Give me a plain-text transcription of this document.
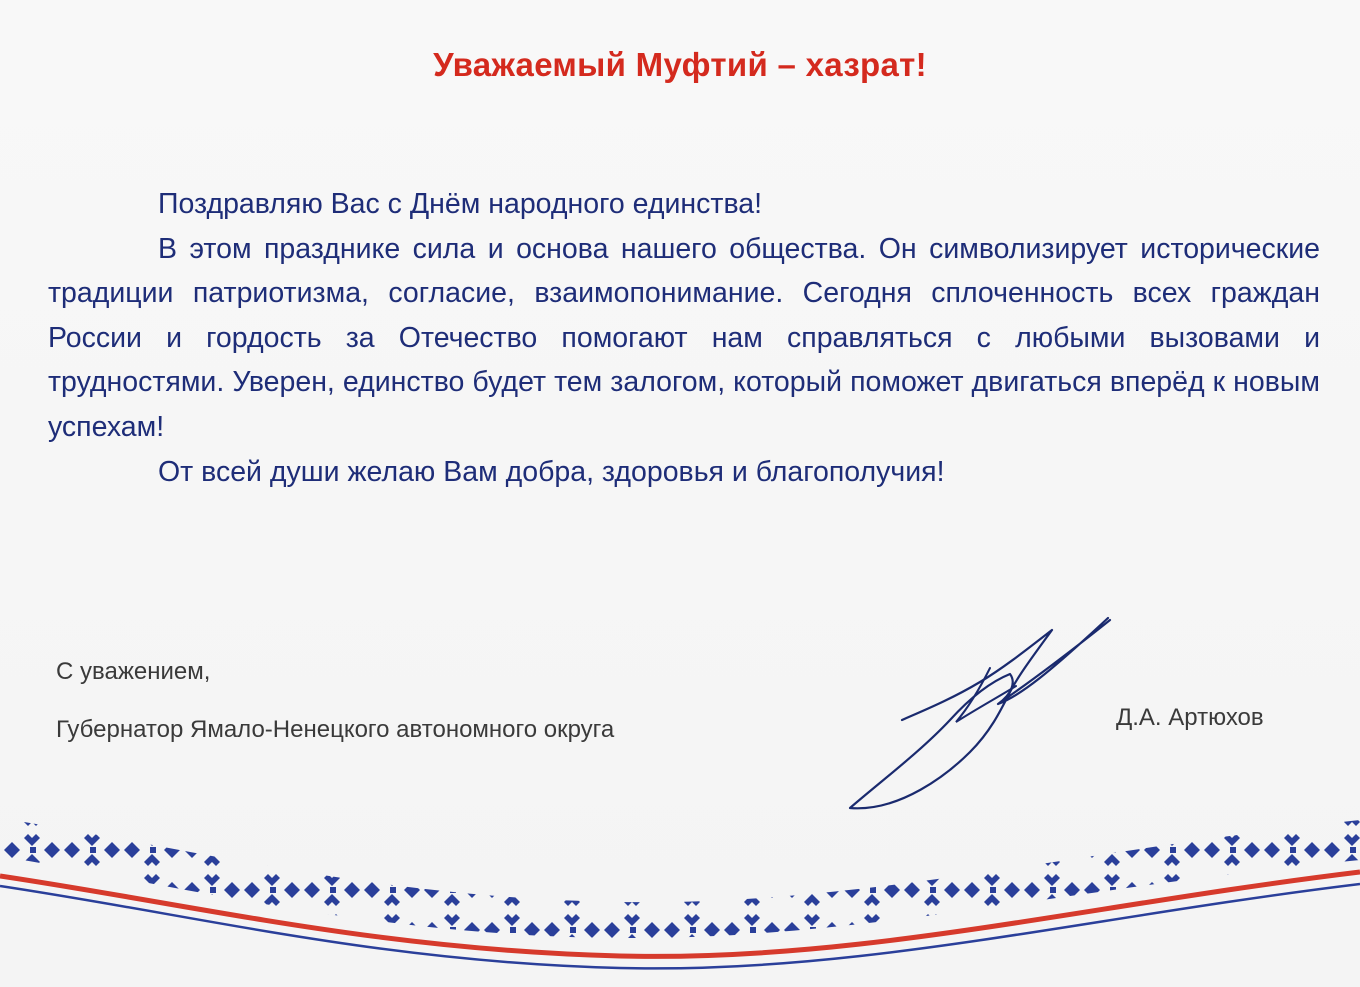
Уважаемый Муфтий – хазрат!

Поздравляю Вас с Днём народного единства!

В этом празднике сила и основа нашего общества. Он символизирует исторические традиции патриотизма, согласие, взаимопонимание. Сегодня сплоченность всех граждан России и гордость за Отечество помогают нам справляться с любыми вызовами и трудностями. Уверен, единство будет тем залогом, который поможет двигаться вперёд к новым успехам!

От всей души желаю Вам добра, здоровья и благополучия!

С уважением,
Губернатор Ямало-Ненецкого автономного округа	Д.А. Артюхов
